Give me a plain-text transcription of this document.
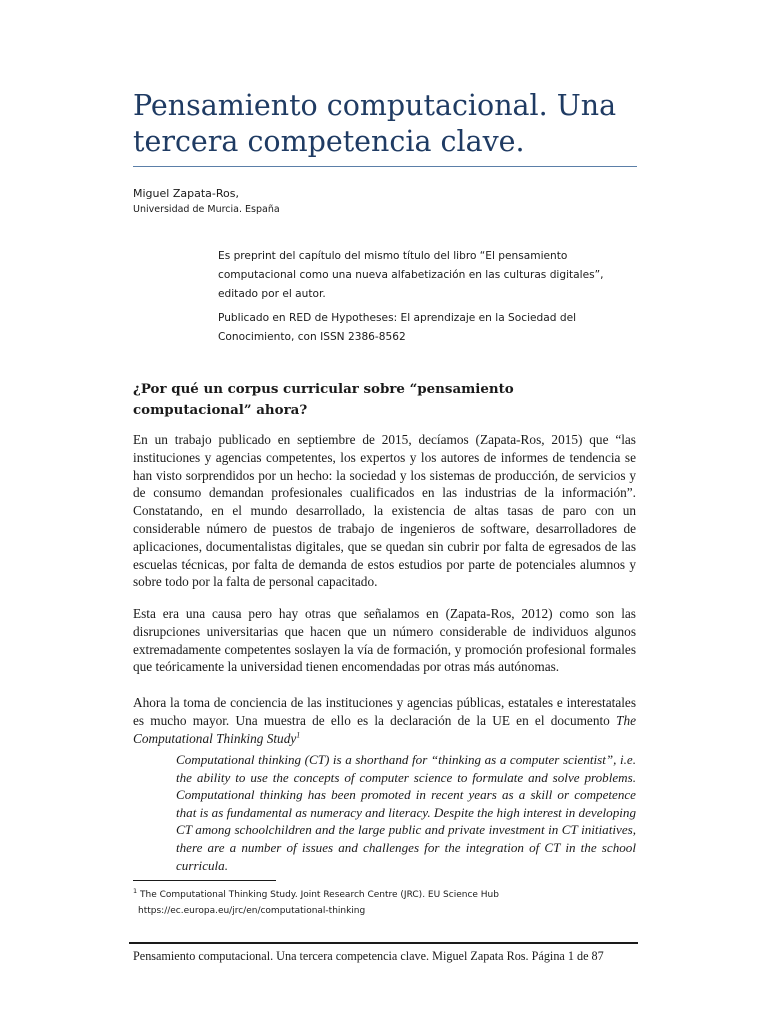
Pensamiento computacional. Una tercera competencia clave.
Miguel Zapata-Ros,
Universidad de Murcia. España

Es preprint del capítulo del mismo título del libro “El pensamiento computacional como una nueva alfabetización en las culturas digitales”, editado por el autor.

Publicado en RED de Hypotheses: El aprendizaje en la Sociedad del Conocimiento, con ISSN 2386-8562

¿Por qué un corpus curricular sobre “pensamiento computacional” ahora?

En un trabajo publicado en septiembre de 2015, decíamos (Zapata-Ros, 2015) que “las instituciones y agencias competentes, los expertos y los autores de informes de tendencia se han visto sorprendidos por un hecho: la sociedad y los sistemas de producción, de servicios y de consumo demandan profesionales cualificados en las industrias de la información”. Constatando, en el mundo desarrollado, la existencia de altas tasas de paro con un considerable número de puestos de trabajo de ingenieros de software, desarrolladores de aplicaciones, documentalistas digitales, que se quedan sin cubrir por falta de egresados de las escuelas técnicas, por falta de demanda de estos estudios por parte de potenciales alumnos y sobre todo por la falta de personal capacitado.

Esta era una causa pero hay otras que señalamos en (Zapata-Ros, 2012) como son las disrupciones universitarias que hacen que un número considerable de individuos algunos extremadamente competentes soslayen la vía de formación, y promoción profesional formales que teóricamente la universidad tienen encomendadas por otras más autónomas.

Ahora la toma de conciencia de las instituciones y agencias públicas, estatales e interestatales es mucho mayor. Una muestra de ello es la declaración de la UE en el documento The Computational Thinking Study$^1$

Computational thinking (CT) is a shorthand for “thinking as a computer scientist”, i.e. the ability to use the concepts of computer science to formulate and solve problems. Computational thinking has been promoted in recent years as a skill or competence that is as fundamental as numeracy and literacy. Despite the high interest in developing CT among schoolchildren and the large public and private investment in CT initiatives, there are a number of issues and challenges for the integration of CT in the school curricula.

$^1$ The Computational Thinking Study. Joint Research Centre (JRC). EU Science Hub
https://ec.europa.eu/jrc/en/computational-thinking
Pensamiento computacional. Una tercera competencia clave. Miguel Zapata Ros. Página 1 de 87
